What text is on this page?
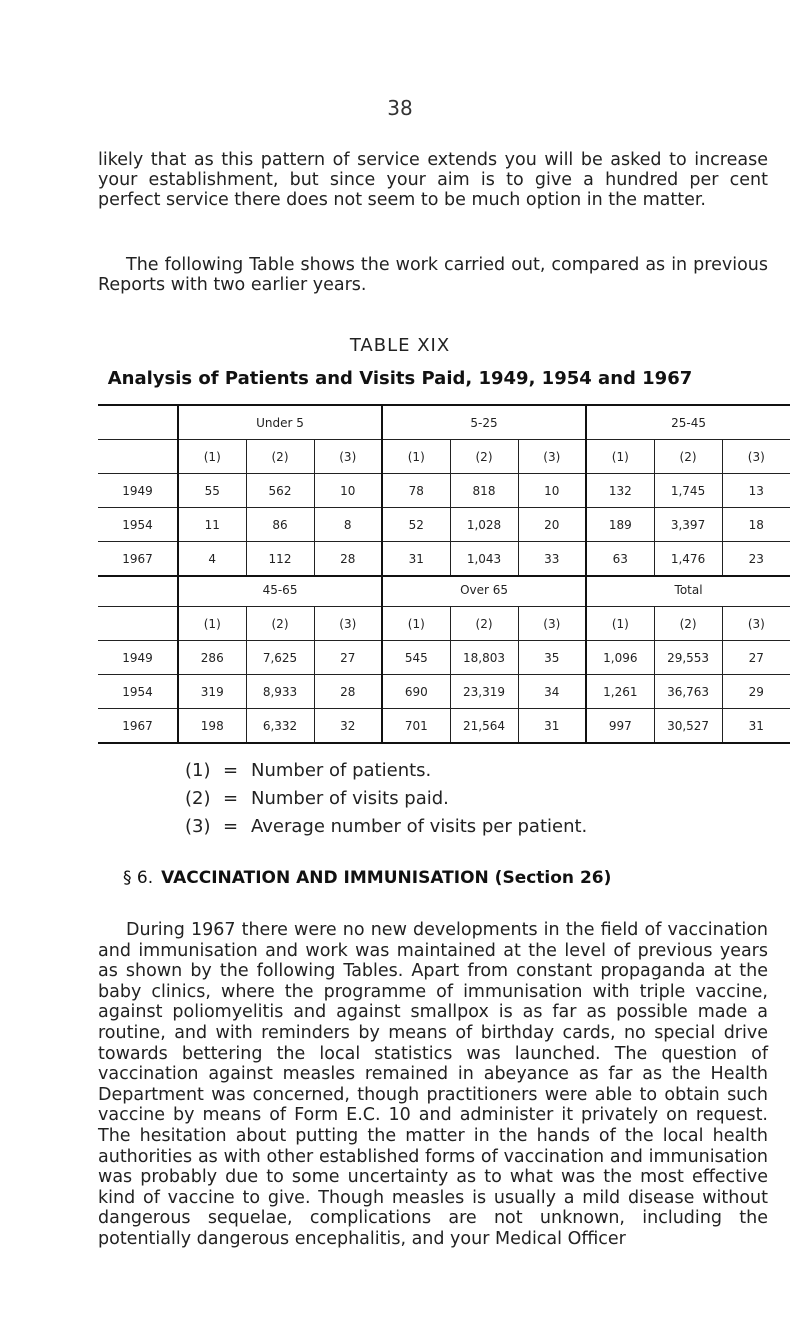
38

likely that as this pattern of service extends you will be asked to increase your establishment, but since your aim is to give a hundred per cent perfect service there does not seem to be much option in the matter.

The following Table shows the work carried out, compared as in previous Reports with two earlier years.

TABLE XIX
Analysis of Patients and Visits Paid, 1949, 1954 and 1967
	Under 5			5-25			25-45		
	(1)	(2)	(3)	(1)	(2)	(3)	(1)	(2)	(3)
1949	55	562	10	78	818	10	132	1,745	13
1954	11	86	8	52	1,028	20	189	3,397	18
1967	4	112	28	31	1,043	33	63	1,476	23
	45-65			Over 65			Total		
	(1)	(2)	(3)	(1)	(2)	(3)	(1)	(2)	(3)
1949	286	7,625	27	545	18,803	35	1,096	29,553	27
1954	319	8,933	28	690	23,319	34	1,261	36,763	29
1967	198	6,332	32	701	21,564	31	997	30,527	31
(1) = Number of patients.
(2) = Number of visits paid.
(3) = Average number of visits per patient.
§ 6. VACCINATION AND IMMUNISATION (Section 26)

During 1967 there were no new developments in the field of vaccination and immunisation and work was maintained at the level of previous years as shown by the following Tables. Apart from constant propaganda at the baby clinics, where the programme of immunisation with triple vaccine, against poliomyelitis and against smallpox is as far as possible made a routine, and with reminders by means of birthday cards, no special drive towards bettering the local statistics was launched. The question of vaccination against measles remained in abeyance as far as the Health Department was concerned, though practitioners were able to obtain such vaccine by means of Form E.C. 10 and administer it privately on request. The hesitation about putting the matter in the hands of the local health authorities as with other established forms of vaccination and immunisation was probably due to some uncertainty as to what was the most effective kind of vaccine to give. Though measles is usually a mild disease without dangerous sequelae, complications are not unknown, including the potentially dangerous encephalitis, and your Medical Officer
